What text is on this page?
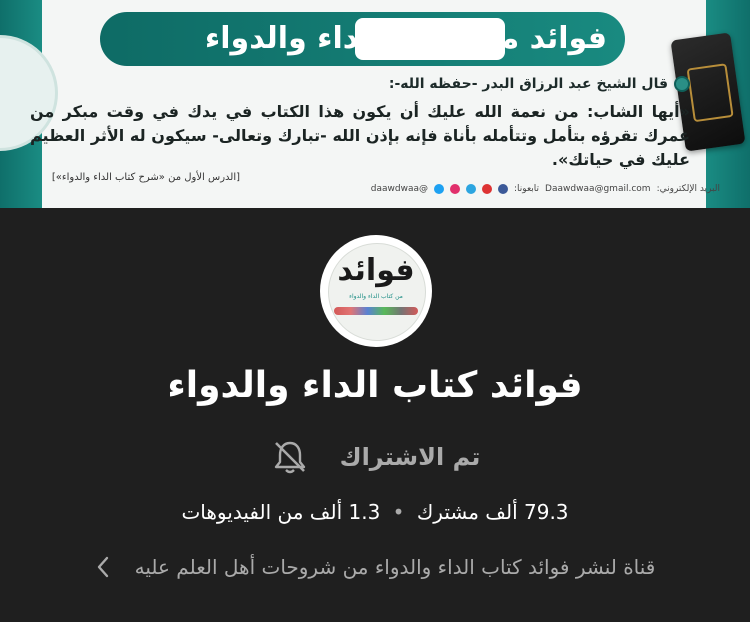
فوائد من كتاب الداء والدواء
قال الشيخ عبد الرزاق البدر -حفظه الله-:
«أيها الشاب: من نعمة الله عليك أن يكون هذا الكتاب في يدك في وقت مبكر من عمرك تقرؤه بتأمل وتتأمله بأناة فإنه بإذن الله -تبارك وتعالى- سيكون له الأثر العظيم عليك في حياتك».
[الدرس الأول من «شرح كتاب الداء والدواء»]
البريد الإلكتروني:
Daawdwaa@gmail.com
تابعونا:
@daawdwaa
فوائد
من كتاب الداء والدواء
فوائد كتاب الداء والدواء
تم الاشتراك
79.3 ألف مشترك • 1.3 ألف من الفيديوهات
قناة لنشر فوائد كتاب الداء والدواء من شروحات أهل العلم عليه
